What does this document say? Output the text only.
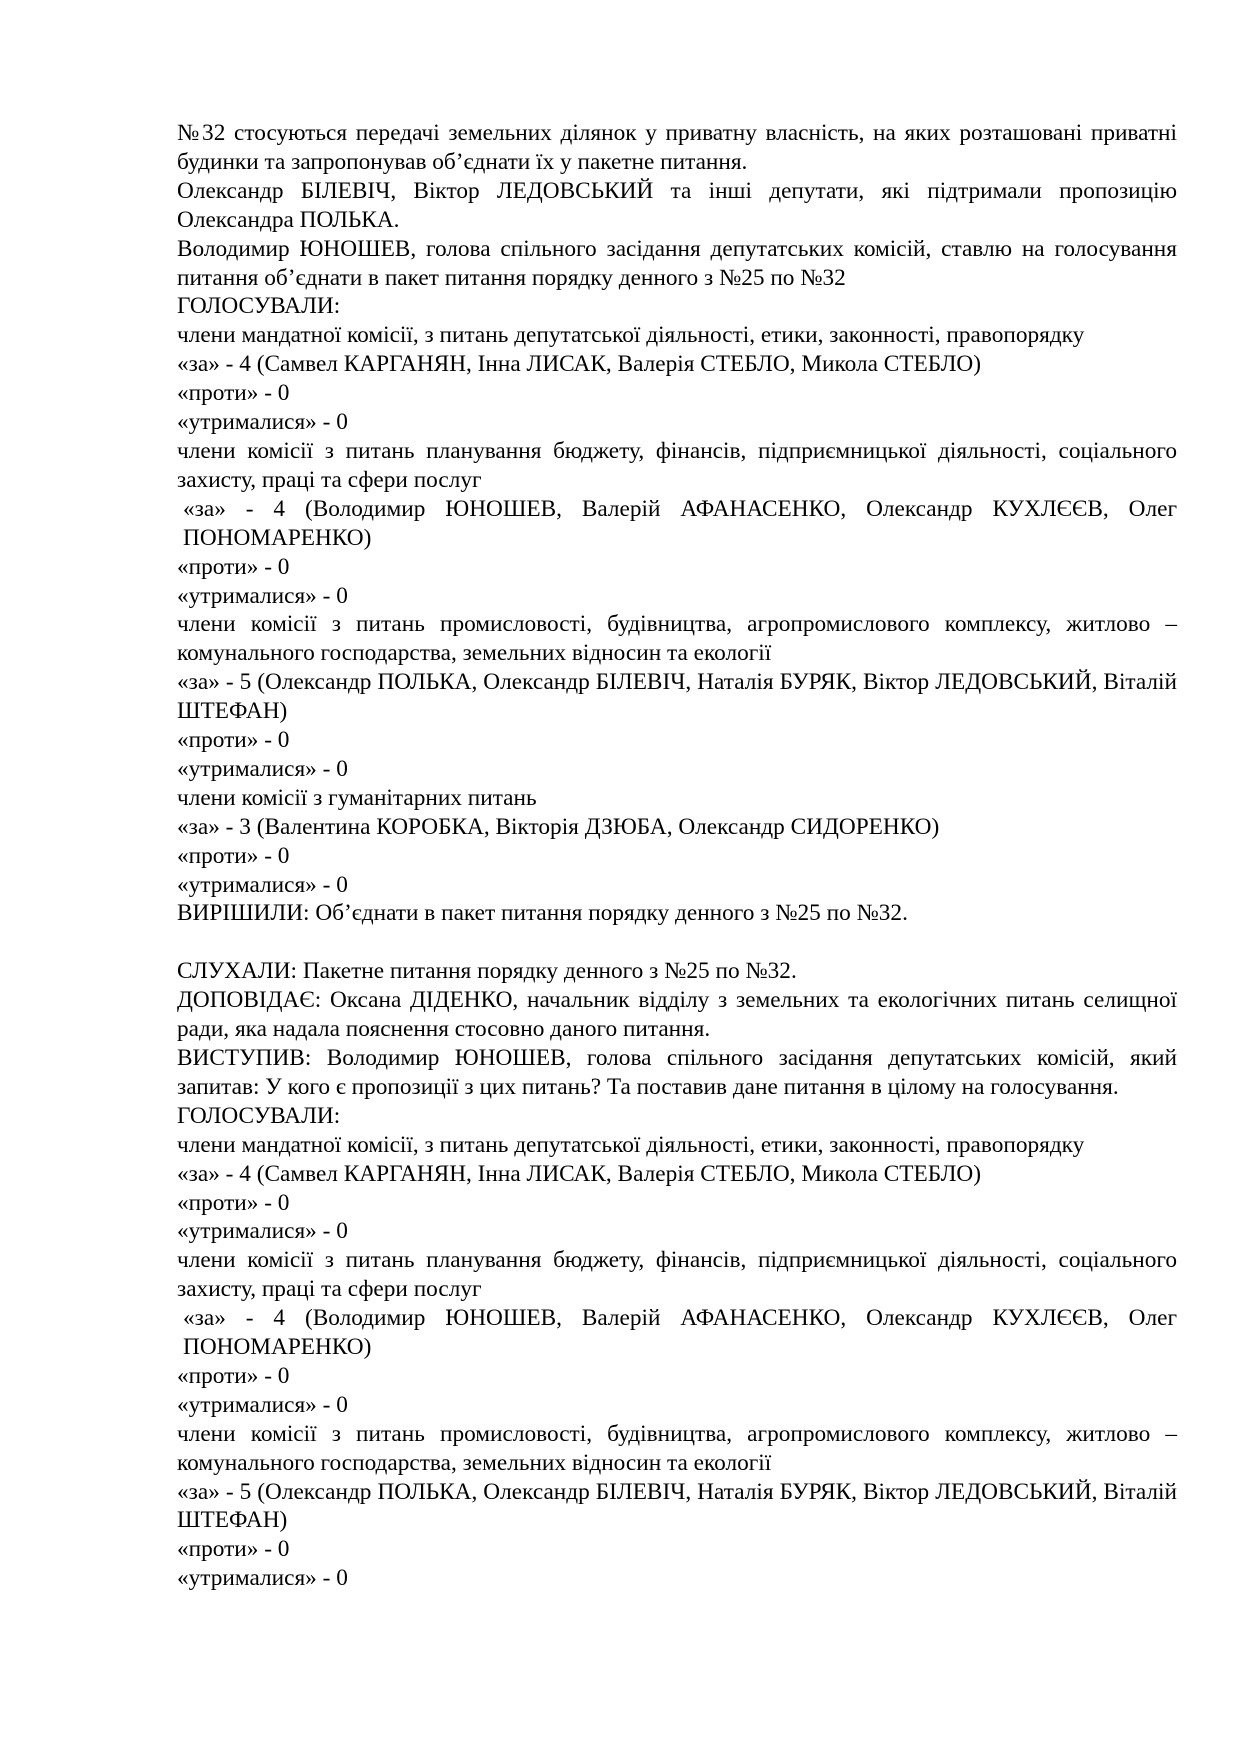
№32 стосуються передачі земельних ділянок у приватну власність, на яких розташовані приватні будинки та запропонував об’єднати їх у пакетне питання.

Олександр БІЛЕВІЧ, Віктор ЛЕДОВСЬКИЙ та інші депутати, які підтримали пропозицію Олександра ПОЛЬКА.

Володимир ЮНОШЕВ, голова спільного засідання депутатських комісій, ставлю на голосування питання об’єднати в пакет питання порядку денного з №25 по №32

ГОЛОСУВАЛИ:

члени мандатної комісії, з питань депутатської діяльності, етики, законності, правопорядку

«за» - 4 (Самвел КАРГАНЯН, Інна ЛИСАК, Валерія СТЕБЛО, Микола СТЕБЛО)

«проти» - 0

«утрималися» - 0

члени комісії з питань планування бюджету, фінансів, підприємницької діяльності, соціального захисту, праці та сфери послуг

«за» - 4 (Володимир ЮНОШЕВ, Валерій АФАНАСЕНКО, Олександр КУХЛЄЄВ, Олег ПОНОМАРЕНКО)

«проти» - 0

«утрималися» - 0

члени комісії з питань промисловості, будівництва, агропромислового комплексу, житлово – комунального господарства, земельних відносин та екології

«за» - 5 (Олександр ПОЛЬКА, Олександр БІЛЕВІЧ, Наталія БУРЯК, Віктор ЛЕДОВСЬКИЙ, Віталій ШТЕФАН)

«проти» - 0

«утрималися» - 0

члени комісії з гуманітарних питань

«за» - 3 (Валентина КОРОБКА, Вікторія ДЗЮБА, Олександр СИДОРЕНКО)

«проти» - 0

«утрималися» - 0

ВИРІШИЛИ: Об’єднати в пакет питання порядку денного з №25 по №32.

СЛУХАЛИ: Пакетне питання порядку денного з №25 по №32.

ДОПОВІДАЄ: Оксана ДІДЕНКО, начальник відділу з земельних та екологічних питань селищної ради, яка надала пояснення стосовно даного питання.

ВИСТУПИВ: Володимир ЮНОШЕВ, голова спільного засідання депутатських комісій, який запитав: У кого є пропозиції з цих питань? Та поставив дане питання в цілому на голосування.

ГОЛОСУВАЛИ:

члени мандатної комісії, з питань депутатської діяльності, етики, законності, правопорядку

«за» - 4 (Самвел КАРГАНЯН, Інна ЛИСАК, Валерія СТЕБЛО, Микола СТЕБЛО)

«проти» - 0

«утрималися» - 0

члени комісії з питань планування бюджету, фінансів, підприємницької діяльності, соціального захисту, праці та сфери послуг

«за» - 4 (Володимир ЮНОШЕВ, Валерій АФАНАСЕНКО, Олександр КУХЛЄЄВ, Олег ПОНОМАРЕНКО)

«проти» - 0

«утрималися» - 0

члени комісії з питань промисловості, будівництва, агропромислового комплексу, житлово – комунального господарства, земельних відносин та екології

«за» - 5 (Олександр ПОЛЬКА, Олександр БІЛЕВІЧ, Наталія БУРЯК, Віктор ЛЕДОВСЬКИЙ, Віталій ШТЕФАН)

«проти» - 0

«утрималися» - 0
